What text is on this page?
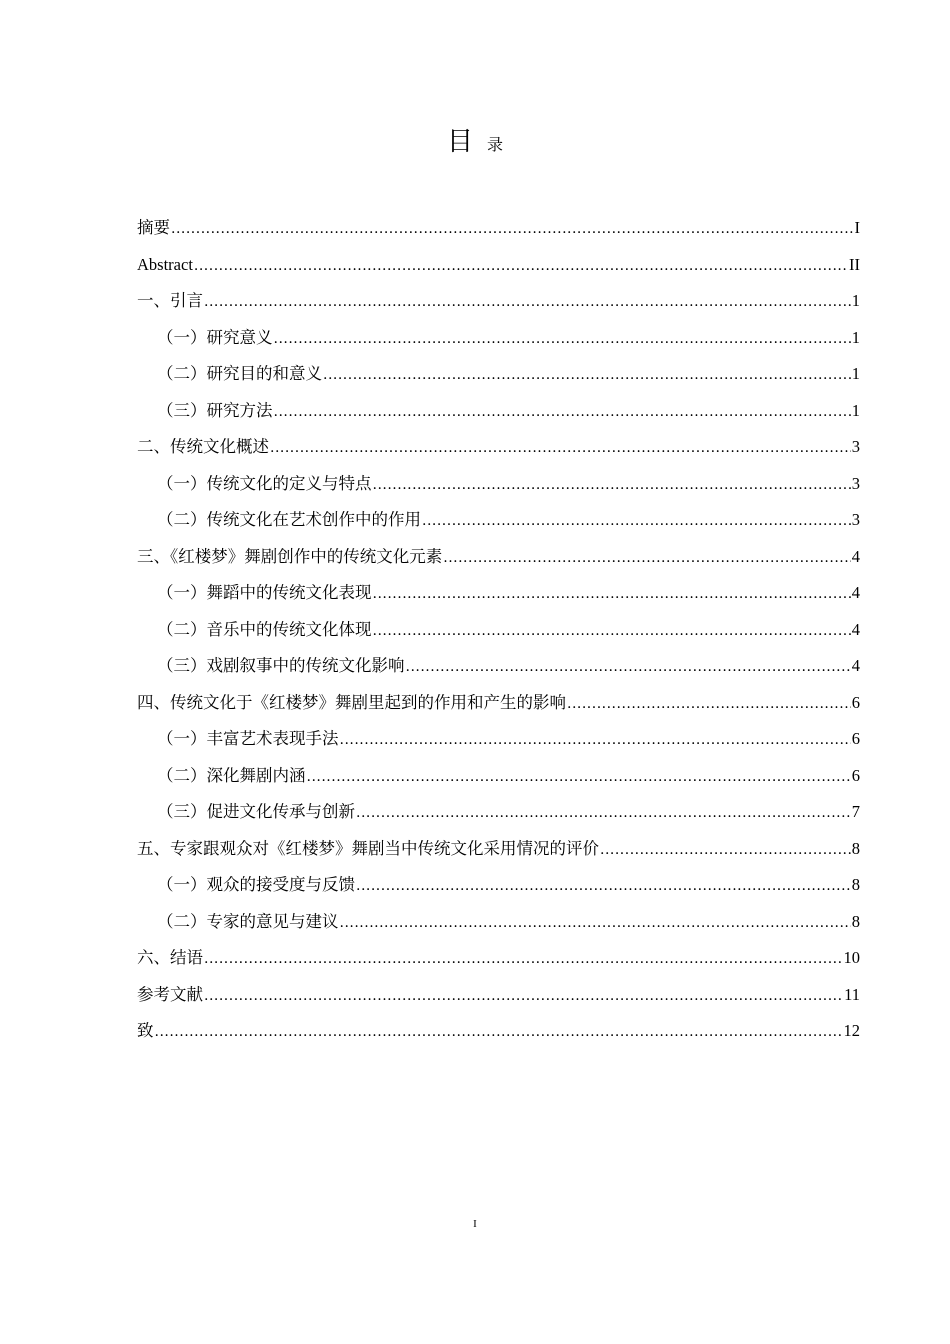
目录
摘要 .....	I
Abstract .....	II
一、引言 .....	1
（一）研究意义 .....	1
（二）研究目的和意义 .....	1
（三）研究方法 .....	1
二、传统文化概述 .....	3
（一）传统文化的定义与特点 .....	3
（二）传统文化在艺术创作中的作用 .....	3
三、《红楼梦》舞剧创作中的传统文化元素 .....	4
（一）舞蹈中的传统文化表现 .....	4
（二）音乐中的传统文化体现 .....	4
（三）戏剧叙事中的传统文化影响 .....	4
四、传统文化于《红楼梦》舞剧里起到的作用和产生的影响 .....	6
（一）丰富艺术表现手法 .....	6
（二）深化舞剧内涵 .....	6
（三）促进文化传承与创新 .....	7
五、专家跟观众对《红楼梦》舞剧当中传统文化采用情况的评价 .....	8
（一）观众的接受度与反馈 .....	8
（二）专家的意见与建议 .....	8
六、结语 .....	10
参考文献 .....	11
致 .....	12
I
